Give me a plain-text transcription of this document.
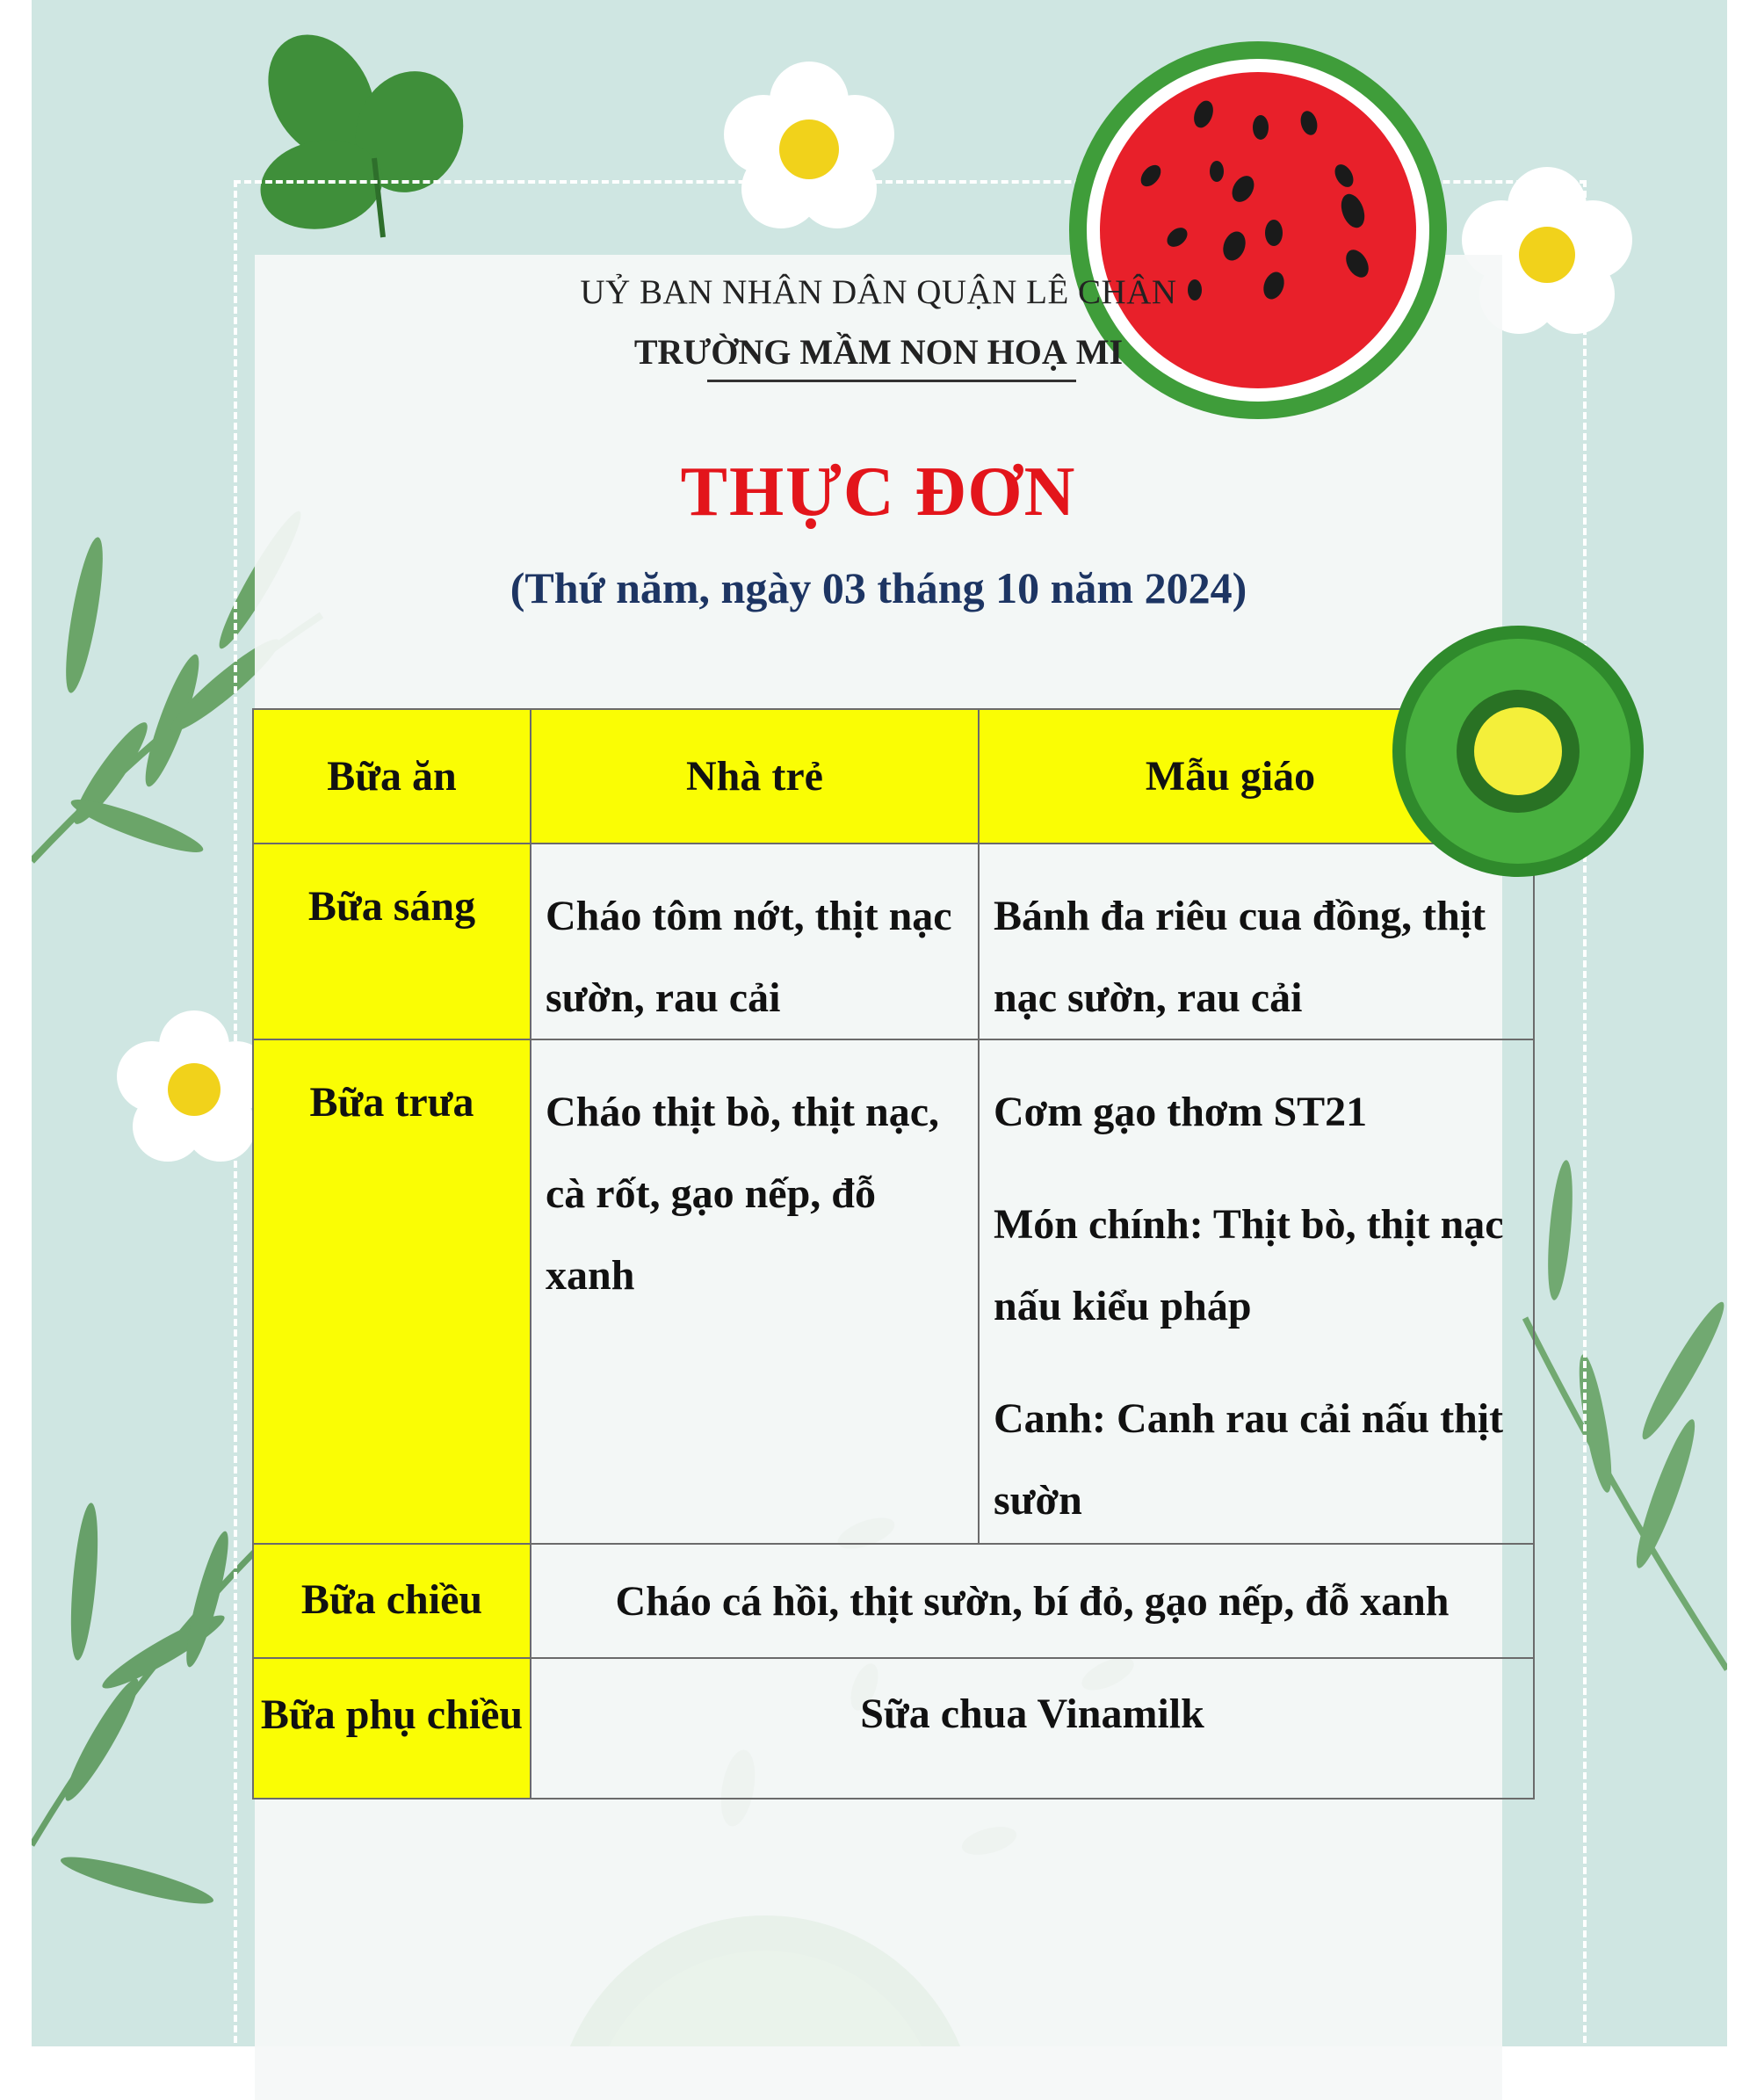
UỶ BAN NHÂN DÂN QUẬN LÊ CHÂN
TRƯỜNG MẦM NON HOẠ MI
THỰC ĐƠN
(Thứ năm, ngày 03 tháng 10 năm 2024)
Bữa ăn	Nhà trẻ	Mẫu giáo
Bữa sáng	Cháo tôm nớt, thịt nạc sườn, rau cải	Bánh đa riêu cua đồng, thịt nạc sườn, rau cải
Bữa trưa	Cháo thịt bò, thịt nạc, cà rốt, gạo nếp, đỗ xanh	Cơm gạo thơm ST21

Món chính: Thịt bò, thịt nạc nấu kiểu pháp

Canh: Canh rau cải nấu thịt sườn

Bữa chiều	Cháo cá hồi, thịt sườn, bí đỏ, gạo nếp, đỗ xanh	
Bữa phụ chiều	Sữa chua Vinamilk	
